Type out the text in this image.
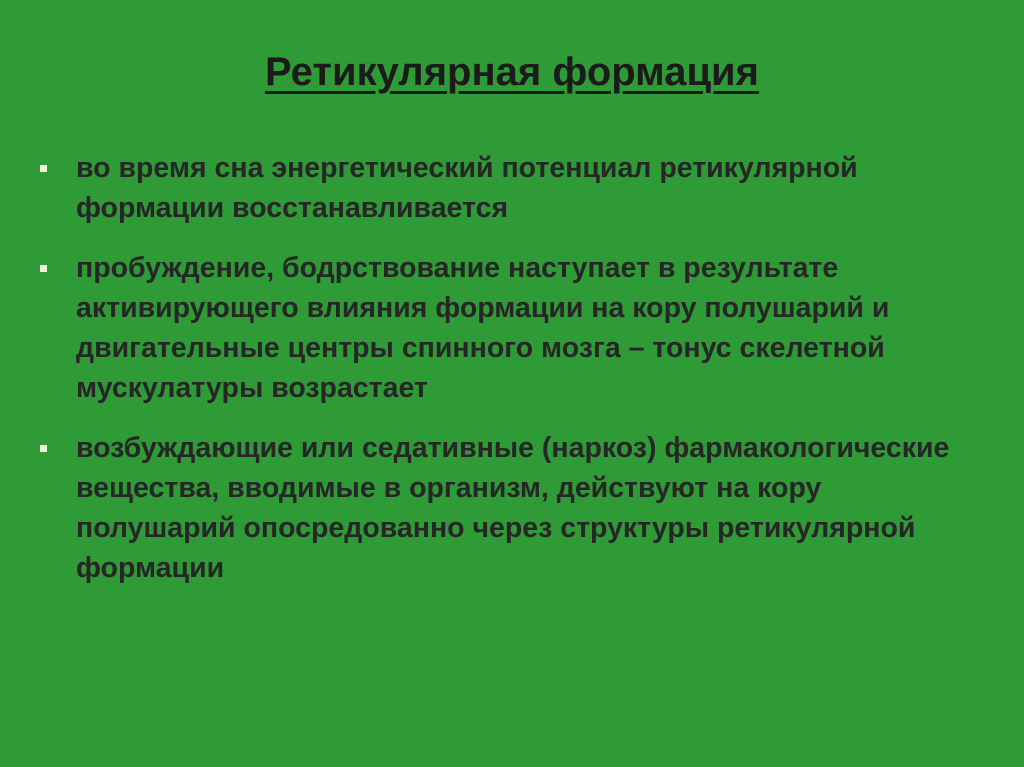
Ретикулярная формация
во время сна энергетический потенциал ретикулярной формации восстанавливается
пробуждение, бодрствование наступает в результате активирующего влияния формации на кору полушарий и двигательные центры спинного мозга – тонус скелетной мускулатуры возрастает
возбуждающие или седативные (наркоз) фармакологические вещества, вводимые в организм, действуют на кору полушарий опосредованно через структуры ретикулярной формации
